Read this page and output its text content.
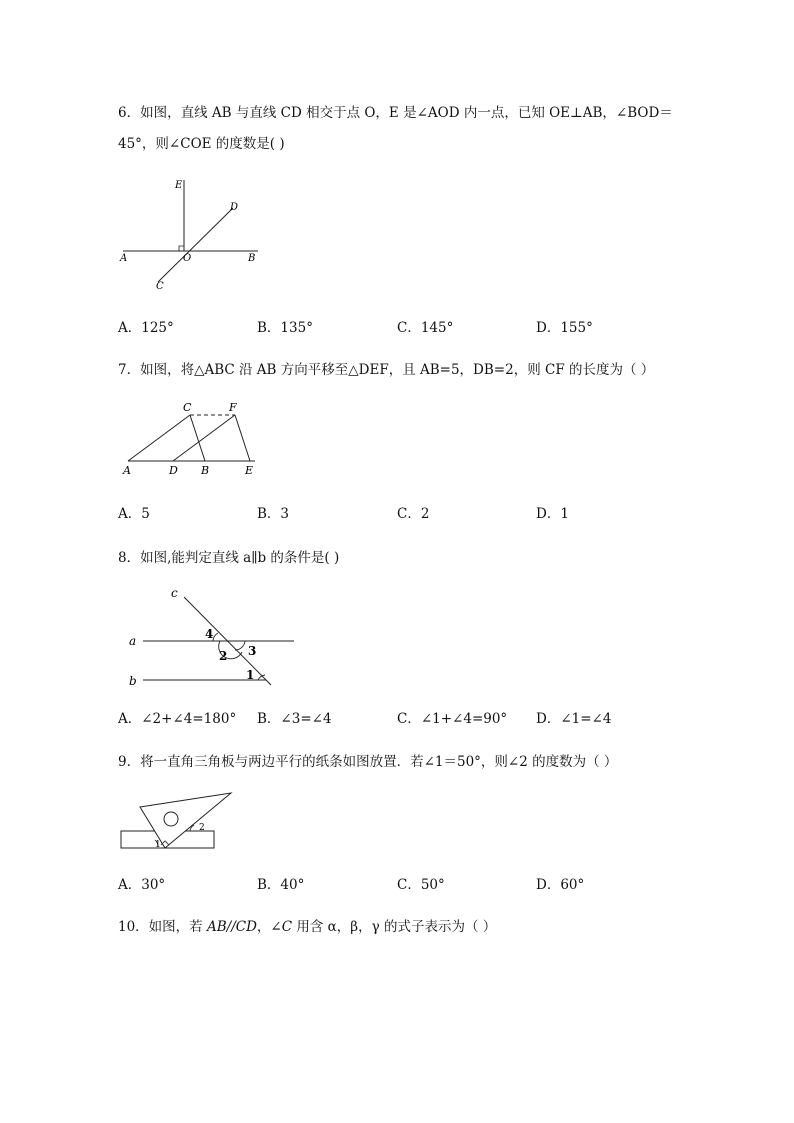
6．如图，直线 AB 与直线 CD 相交于点 O，E 是∠AOD 内一点，已知 OE⊥AB，∠BOD＝
45°，则∠COE 的度数是( )
E
D
A	O	B
C
A．125°	B．135°	C．145°	D．155°
7．如图，将△ABC 沿 AB 方向平移至△DEF，且 AB=5，DB=2，则 CF 的长度为（ ）
C	F
A	D B	E
A．5	B．3	C．2	D．1
8．如图,能判定直线 a∥b 的条件是( )
c
a
b
4
2 3
1
A．∠2+∠4=180° B．∠3=∠4	C．∠1+∠4=90° D．∠1=∠4
9．将一直角三角板与两边平行的纸条如图放置．若∠1＝50°，则∠2 的度数为（ ）
1
2
A．30°	B．40°	C．50°	D．60°
10．如图，若 AB//CD，∠C 用含 α，β，γ 的式子表示为（ ）
